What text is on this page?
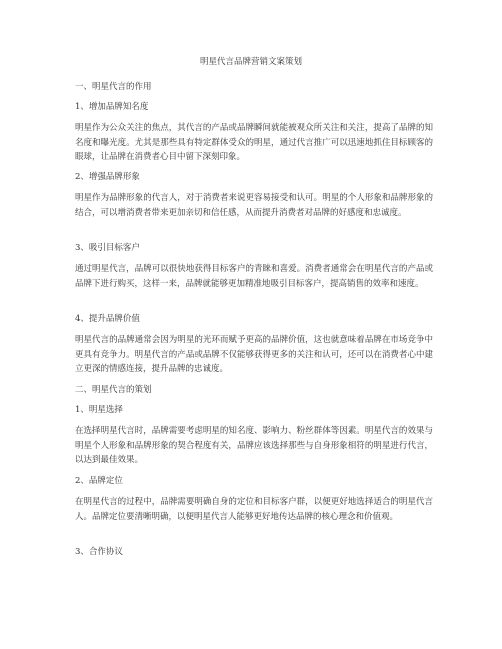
明星代言品牌营销文案策划
一、明星代言的作用
1、增加品牌知名度
明星作为公众关注的焦点，其代言的产品或品牌瞬间就能被观众所关注和关注，提高了品牌的知名度和曝光度。尤其是那些具有特定群体受众的明星，通过代言推广可以迅速地抓住目标顾客的眼球，让品牌在消费者心目中留下深刻印象。
2、增强品牌形象
明星作为品牌形象的代言人，对于消费者来说更容易接受和认可。明星的个人形象和品牌形象的结合，可以增消费者带来更加亲切和信任感，从而提升消费者对品牌的好感度和忠诚度。
3、吸引目标客户
通过明星代言，品牌可以很快地获得目标客户的青睐和喜爱。消费者通常会在明星代言的产品或品牌下进行购买，这样一来，品牌就能够更加精准地吸引目标客户，提高销售的效率和速度。
4、提升品牌价值
明星代言的品牌通常会因为明星的光环而赋予更高的品牌价值，这也就意味着品牌在市场竞争中更具有竞争力。明星代言的产品或品牌不仅能够获得更多的关注和认可，还可以在消费者心中建立更深的情感连接，提升品牌的忠诚度。
二、明星代言的策划
1、明星选择
在选择明星代言时，品牌需要考虑明星的知名度、影响力、粉丝群体等因素。明星代言的效果与明星个人形象和品牌形象的契合程度有关，品牌应该选择那些与自身形象相符的明星进行代言，以达到最佳效果。
2、品牌定位
在明星代言的过程中，品牌需要明确自身的定位和目标客户群，以便更好地选择适合的明星代言人。品牌定位要清晰明确，以便明星代言人能够更好地传达品牌的核心理念和价值观。
3、合作协议
